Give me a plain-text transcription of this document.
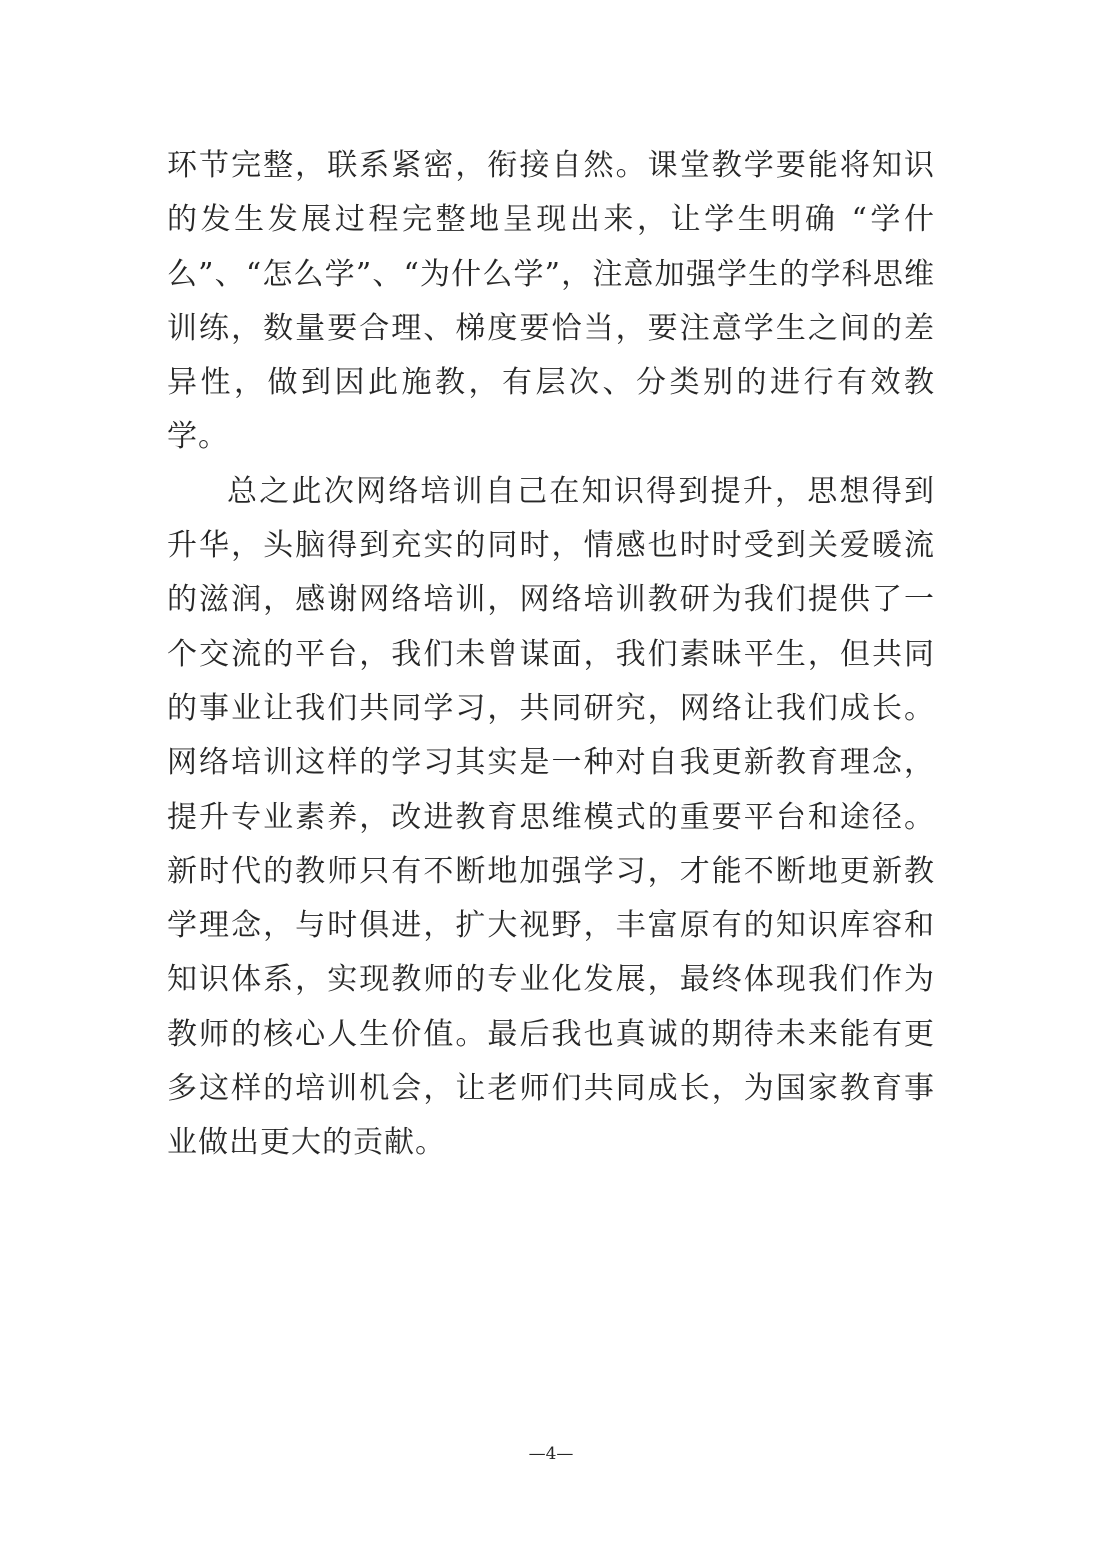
环节完整，联系紧密，衔接自然。课堂教学要能将知识的发生发展过程完整地呈现出来，让学生明确 “学什么”、“怎么学”、“为什么学”，注意加强学生的学科思维训练，数量要合理、梯度要恰当，要注意学生之间的差异性，做到因此施教，有层次、分类别的进行有效教学。

总之此次网络培训自己在知识得到提升，思想得到升华，头脑得到充实的同时，情感也时时受到关爱暖流的滋润，感谢网络培训，网络培训教研为我们提供了一个交流的平台，我们未曾谋面，我们素昧平生，但共同的事业让我们共同学习，共同研究，网络让我们成长。网络培训这样的学习其实是一种对自我更新教育理念，提升专业素养，改进教育思维模式的重要平台和途径。新时代的教师只有不断地加强学习，才能不断地更新教学理念，与时俱进，扩大视野，丰富原有的知识库容和知识体系，实现教师的专业化发展，最终体现我们作为教师的核心人生价值。最后我也真诚的期待未来能有更多这样的培训机会，让老师们共同成长，为国家教育事业做出更大的贡献。

—4—
